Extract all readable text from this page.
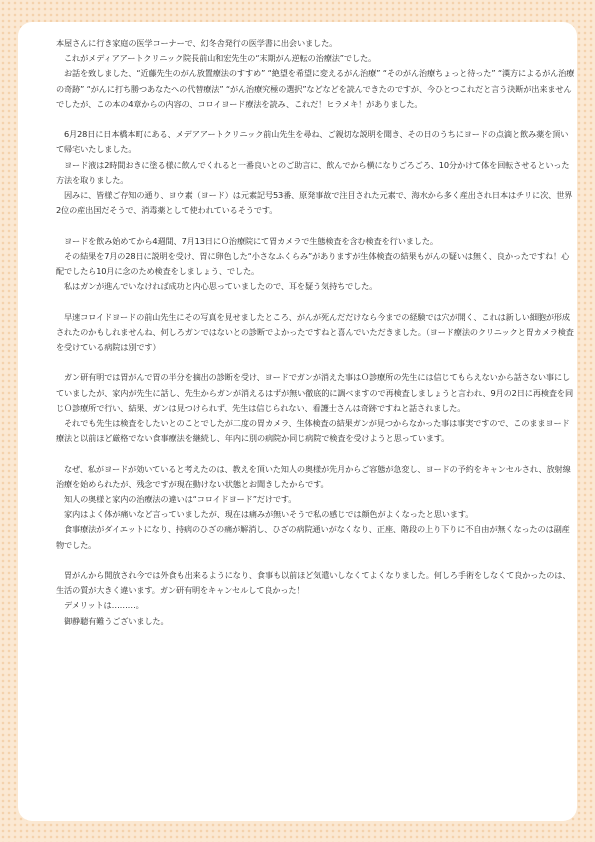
本屋さんに行き家庭の医学コーナーで、幻冬舎発行の医学書に出会いました。

これがメディアアートクリニック院長前山和宏先生の“末期がん逆転の治療法”でした。

お話を致しました、“近藤先生のがん放置療法のすすめ” “絶望を希望に変えるがん治療” “そのがん治療ちょっと待った” “漢方によるがん治療の奇跡” “がんに打ち勝つあなたへの代替療法” “がん治療究極の選択”などなどを読んできたのですが、今ひとつこれだと言う決断が出来ませんでしたが、この本の4章からの内容の、コロイヨード療法を読み、これだ！ヒラメキ！がありました。

6月28日に日本橋本町にある、メデアアートクリニック前山先生を尋ね、ご親切な説明を聞き、その日のうちにヨードの点滴と飲み薬を頂いて帰宅いたしました。

ヨード液は2時間おきに塗る様に飲んでくれると一番良いとのご助言に、飲んでから横になりごろごろ、10分かけて体を回転させるといった方法を取りました。

因みに、皆様ご存知の通り、ヨウ素（ヨード）は元素記号53番、原発事故で注目された元素で、海水から多く産出され日本はチリに次、世界2位の産出国だそうで、消毒薬として使われているそうです。

ヨードを飲み始めてから4週間、7月13日にＯ治療院にて胃カメラで生態検査を含む検査を行いました。

その結果を7月の28日に説明を受け、胃に卵色した“小さなふくらみ”がありますが生体検査の結果もがんの疑いは無く、良かったですね！心配でしたら10月に念のため検査をしましょう、でした。

私はガンが進んでいなければ成功と内心思っていましたので、耳を疑う気持ちでした。

早速コロイドヨードの前山先生にその写真を見せましたところ、がんが死んだだけなら今までの経験では穴が開く、これは新しい細胞が形成されたのかもしれませんね、何しろガンではないとの診断でよかったですねと喜んでいただきました。（ヨード療法のクリニックと胃カメラ検査を受けている病院は別です）

ガン研有明では胃がんで胃の半分を摘出の診断を受け、ヨードでガンが消えた事はＯ診療所の先生には信じてもらえないから話さない事にしていましたが、家内が先生に話し、先生からガンが消えるはずが無い徹底的に調べますので再検査しましょうと言われ、9月の2日に再検査を同じＯ診療所で行い、結果、ガンは見つけられず、先生は信じられない、看護士さんは奇跡ですねと話されました。

それでも先生は検査をしたいとのことでしたが二度の胃カメラ、生体検査の結果ガンが見つからなかった事は事実ですので、このままヨード療法と以前ほど厳格でない食事療法を継続し、年内に別の病院か同じ病院で検査を受けようと思っています。

なぜ、私がヨードが効いていると考えたのは、教えを頂いた知人の奥様が先月からご容態が急変し、ヨードの予約をキャンセルされ、放射線治療を始められたが、残念ですが現在動けない状態とお聞きしたからです。

知人の奥様と家内の治療法の違いは“コロイドヨード”だけです。

家内はよく体が痛いなど言っていましたが、現在は痛みが無いそうで私の感じでは顔色がよくなったと思います。

食事療法がダイエットになり、持病のひざの痛が解消し、ひざの病院通いがなくなり、正座、階段の上り下りに不自由が無くなったのは副産物でした。

胃がんから開放され今では外食も出来るようになり、食事も以前ほど気遣いしなくてよくなりました。何しろ手術をしなくて良かったのは、生活の質が大きく違います。ガン研有明をキャンセルして良かった！

デメリットは………。

御静聴有難うございました。
